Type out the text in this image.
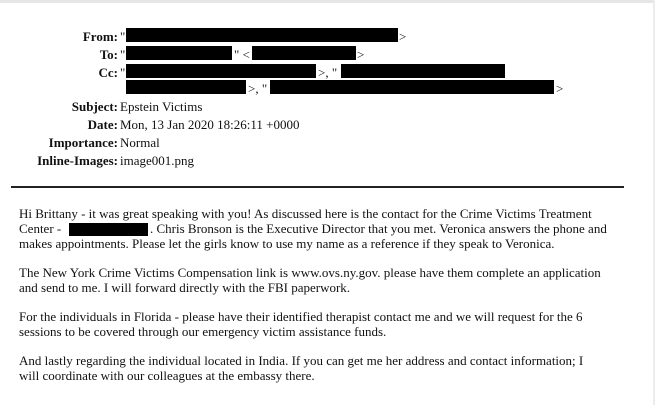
From: "	>
To: "	" <	>
Cc: "	>, "
>, "	>
Subject: Epstein Victims
Date: Mon, 13 Jan 2020 18:26:11 +0000
Importance: Normal
Inline-Images: image001.png
Hi Brittany - it was great speaking with you! As discussed here is the contact for the Crime Victims Treatment
Center -	. Chris Bronson is the Executive Director that you met. Veronica answers the phone and
makes appointments. Please let the girls know to use my name as a reference if they speak to Veronica.
The New York Crime Victims Compensation link is www.ovs.ny.gov. please have them complete an application
and send to me. I will forward directly with the FBI paperwork.
For the individuals in Florida - please have their identified therapist contact me and we will request for the 6
sessions to be covered through our emergency victim assistance funds.
And lastly regarding the individual located in India. If you can get me her address and contact information; I
will coordinate with our colleagues at the embassy there.
